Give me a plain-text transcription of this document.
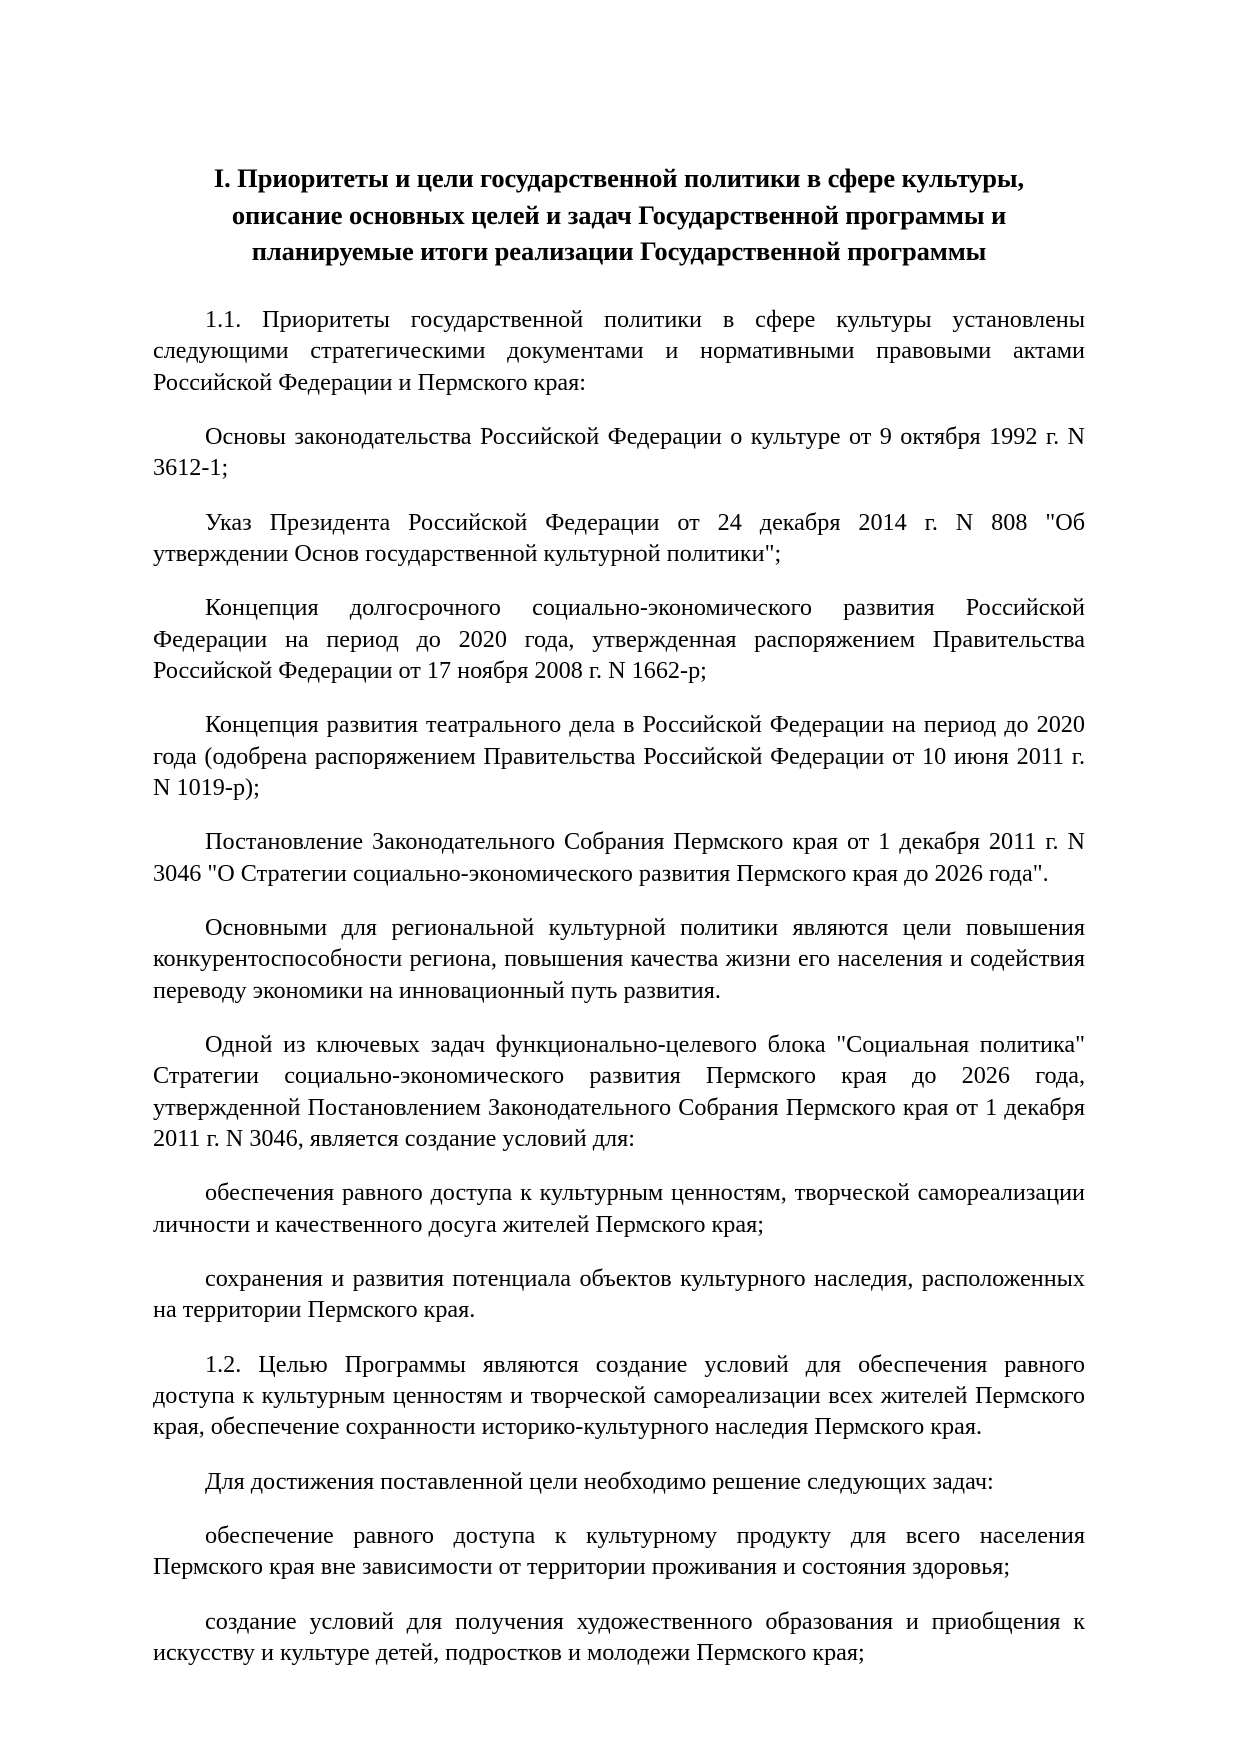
I. Приоритеты и цели государственной политики в сфере культуры, описание основных целей и задач Государственной программы и планируемые итоги реализации Государственной программы

1.1. Приоритеты государственной политики в сфере культуры установлены следующими стратегическими документами и нормативными правовыми актами Российской Федерации и Пермского края:

Основы законодательства Российской Федерации о культуре от 9 октября 1992 г. N 3612-1;

Указ Президента Российской Федерации от 24 декабря 2014 г. N 808 "Об утверждении Основ государственной культурной политики";

Концепция долгосрочного социально-экономического развития Российской Федерации на период до 2020 года, утвержденная распоряжением Правительства Российской Федерации от 17 ноября 2008 г. N 1662-р;

Концепция развития театрального дела в Российской Федерации на период до 2020 года (одобрена распоряжением Правительства Российской Федерации от 10 июня 2011 г. N 1019-р);

Постановление Законодательного Собрания Пермского края от 1 декабря 2011 г. N 3046 "О Стратегии социально-экономического развития Пермского края до 2026 года".

Основными для региональной культурной политики являются цели повышения конкурентоспособности региона, повышения качества жизни его населения и содействия переводу экономики на инновационный путь развития.

Одной из ключевых задач функционально-целевого блока "Социальная политика" Стратегии социально-экономического развития Пермского края до 2026 года, утвержденной Постановлением Законодательного Собрания Пермского края от 1 декабря 2011 г. N 3046, является создание условий для:

обеспечения равного доступа к культурным ценностям, творческой самореализации личности и качественного досуга жителей Пермского края;

сохранения и развития потенциала объектов культурного наследия, расположенных на территории Пермского края.

1.2. Целью Программы являются создание условий для обеспечения равного доступа к культурным ценностям и творческой самореализации всех жителей Пермского края, обеспечение сохранности историко-культурного наследия Пермского края.

Для достижения поставленной цели необходимо решение следующих задач:

обеспечение равного доступа к культурному продукту для всего населения Пермского края вне зависимости от территории проживания и состояния здоровья;

создание условий для получения художественного образования и приобщения к искусству и культуре детей, подростков и молодежи Пермского края;
